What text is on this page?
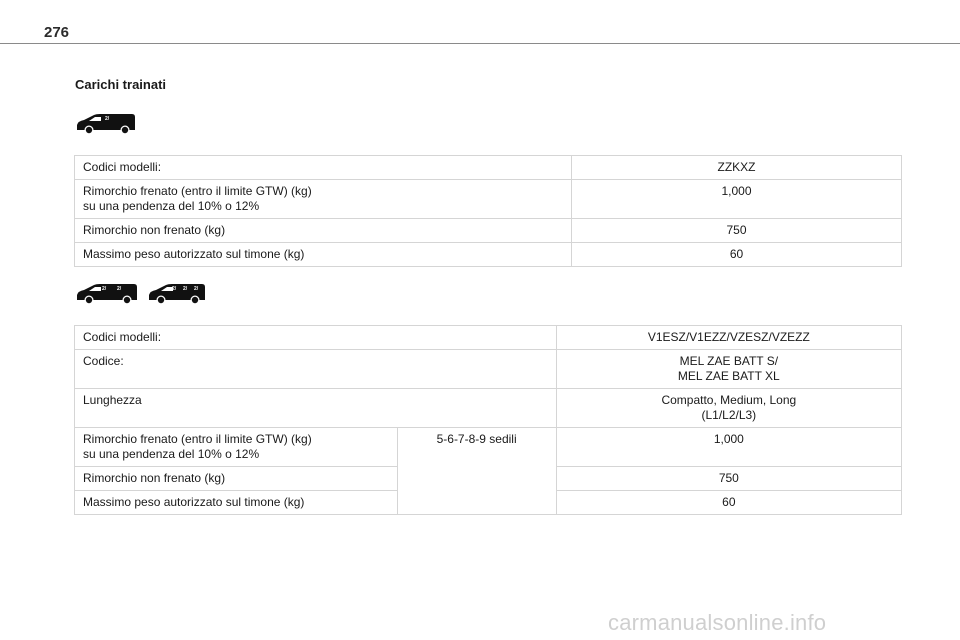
276
Carichi trainati
2/
Codici modelli:	ZZKXZ
Rimorchio frenato (entro il limite GTW) (kg)
su una pendenza del 10% o 12%	1,000
Rimorchio non frenato (kg)	750
Massimo peso autorizzato sul timone (kg)	60
2/ 2/	2/ 2/ 2/
Codici modelli:		V1ESZ/V1EZZ/VZESZ/VZEZZ
Codice:		MEL ZAE BATT S/
MEL ZAE BATT XL
Lunghezza		Compatto, Medium, Long
(L1/L2/L3)
Rimorchio frenato (entro il limite GTW) (kg)
su una pendenza del 10% o 12%	5-6-7-8-9 sedili	1,000
Rimorchio non frenato (kg)		750
Massimo peso autorizzato sul timone (kg)		60
carmanualsonline.info
